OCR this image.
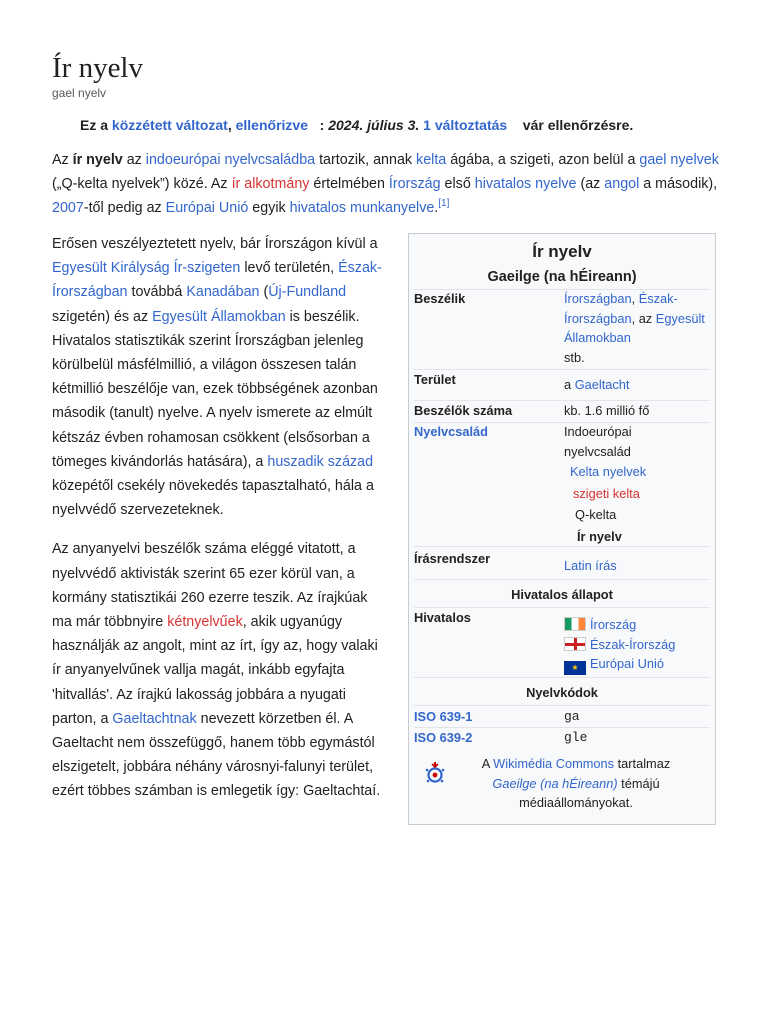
Ír nyelv
gael nyelv
Ez a közzétett változat, ellenőrizve : 2024. július 3. 1 változtatás vár ellenőrzésre.
Az ír nyelv az indoeurópai nyelvcsaládba tartozik, annak kelta ágába, a szigeti, azon belül a gael nyelvek („Q-kelta nyelvek”) közé. Az ír alkotmány értelmében Írország első hivatalos nyelve (az angol a második), 2007-től pedig az Európai Unió egyik hivatalos munkanyelve.[1]

Erősen veszélyeztetett nyelv, bár Írországon kívül a Egyesült Királyság Ír-szigeten levő területén, Észak-Írországban továbbá Kanadában (Új-Fundland szigetén) és az Egyesült Államokban is beszélik. Hivatalos statisztikák szerint Írországban jelenleg körülbelül másfélmillió, a világon összesen talán kétmillió beszélője van, ezek többségének azonban második (tanult) nyelve. A nyelv ismerete az elmúlt kétszáz évben rohamosan csökkent (elsősorban a tömeges kivándorlás hatására), a huszadik század közepétől csekély növekedés tapasztalható, hála a nyelvvédő szervezeteknek.

Az anyanyelvi beszélők száma eléggé vitatott, a nyelvvédő aktivisták szerint 65 ezer körül van, a kormány statisztikái 260 ezerre teszik. Az írajkúak ma már többnyire kétnyelvűek, akik ugyanúgy használják az angolt, mint az írt, így az, hogy valaki ír anyanyelvűnek vallja magát, inkább egyfajta 'hitvallás'. Az írajkú lakosság jobbára a nyugati parton, a Gaeltachtnak nevezett körzetben él. A Gaeltacht nem összefüggő, hanem több egymástól elszigetelt, jobbára néhány városnyi-falunyi terület, ezért többes számban is emlegetik így: Gaeltachtaí.

Ír nyelv
Gaeilge (na hÉireann)
Beszélik	Írországban, Észak-Írországban, az Egyesült Államokban
stb.
Terület	a Gaeltacht
Beszélők száma	kb. 1.6 millió fő
Nyelvcsalád	Indoeurópai
nyelvcsalád
Kelta nyelvek
szigeti kelta
Q-kelta
Ír nyelv
Írásrendszer	Latin írás
Hivatalos állapot
Hivatalos	Írország
Észak-Írország
★ Európai Unió
Nyelvkódok
ISO 639-1	ga
ISO 639-2	gle
A Wikimédia Commons tartalmaz
Gaeilge (na hÉireann) témájú
médiaállományokat.
